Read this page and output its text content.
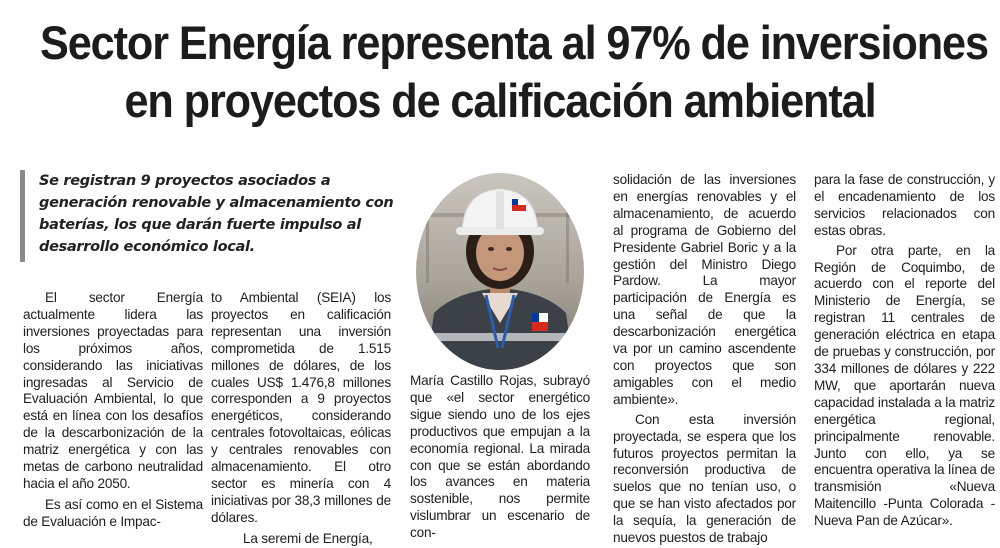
Sector Energía representa al 97% de inversiones
en proyectos de calificación ambiental

Se registran 9 proyectos asociados a generación renovable y almacenamiento con baterías, los que darán fuerte impulso al desarrollo económico local.

El sector Energía actualmente lidera las inversiones proyectadas para los próximos años, considerando las iniciativas ingresadas al Servicio de Evaluación Ambiental, lo que está en línea con los desafíos de la descarbonización de la matriz energética y con las metas de carbono neutralidad hacia el año 2050.

Es así como en el Sistema de Evaluación e Impac-

to Ambiental (SEIA) los proyectos en calificación representan una inversión comprometida de 1.515 millones de dólares, de los cuales US$ 1.476,8 millones corresponden a 9 proyectos energéticos, considerando centrales fotovoltaicas, eólicas y centrales renovables con almacenamiento. El otro sector es minería con 4 iniciativas por 38,3 millones de dólares.

La seremi de Energía,

María Castillo Rojas, subrayó que «el sector energético sigue siendo uno de los ejes productivos que empujan a la economía regional. La mirada con que se están abordando los avances en materia sostenible, nos permite vislumbrar un escenario de con-

solidación de las inversiones en energías renovables y el almacenamiento, de acuerdo al programa de Gobierno del Presidente Gabriel Boric y a la gestión del Ministro Diego Pardow. La mayor participación de Energía es una señal de que la descarbonización energética va por un camino ascendente con proyectos que son amigables con el medio ambiente».

Con esta inversión proyectada, se espera que los futuros proyectos permitan la reconversión productiva de suelos que no tenían uso, o que se han visto afectados por la sequía, la generación de nuevos puestos de trabajo

para la fase de construcción, y el encadenamiento de los servicios relacionados con estas obras.

Por otra parte, en la Región de Coquimbo, de acuerdo con el reporte del Ministerio de Energía, se registran 11 centrales de generación eléctrica en etapa de pruebas y construcción, por 334 millones de dólares y 222 MW, que aportarán nueva capacidad instalada a la matriz energética regional, principalmente renovable. Junto con ello, ya se encuentra operativa la línea de transmisión «Nueva Maitencillo -Punta Colorada -Nueva Pan de Azúcar».
